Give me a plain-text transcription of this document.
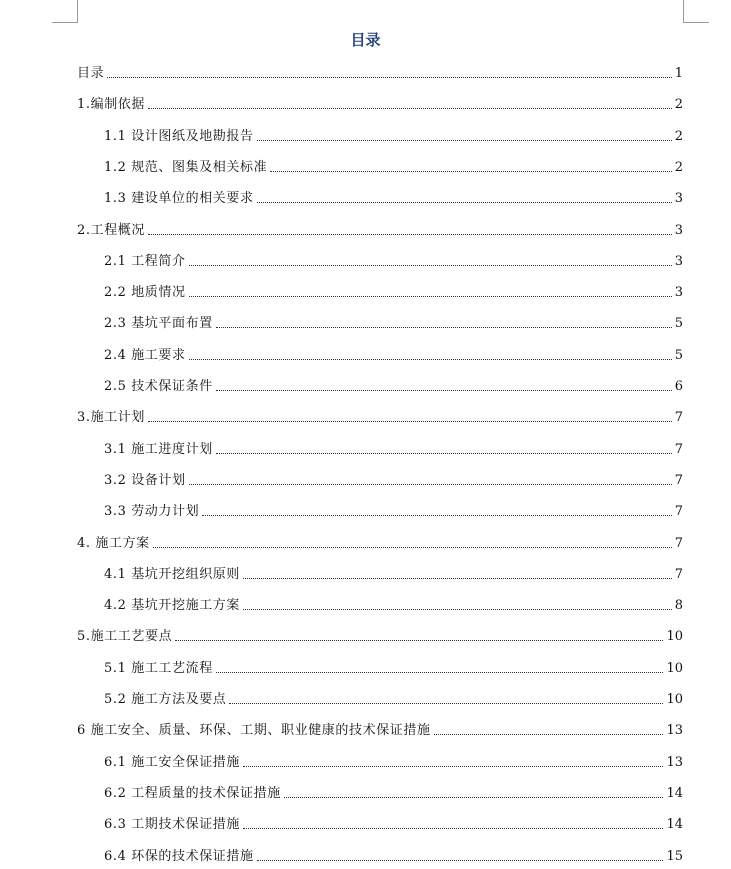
目录
目录	1
1.编制依据	2
1.1 设计图纸及地勘报告	2
1.2 规范、图集及相关标准	2
1.3 建设单位的相关要求	3
2.工程概况	3
2.1 工程简介	3
2.2 地质情况	3
2.3 基坑平面布置	5
2.4 施工要求	5
2.5 技术保证条件	6
3.施工计划	7
3.1 施工进度计划	7
3.2 设备计划	7
3.3 劳动力计划	7
4. 施工方案	7
4.1 基坑开挖组织原则	7
4.2 基坑开挖施工方案	8
5.施工工艺要点	10
5.1 施工工艺流程	10
5.2 施工方法及要点	10
6 施工安全、质量、环保、工期、职业健康的技术保证措施	13
6.1 施工安全保证措施	13
6.2 工程质量的技术保证措施	14
6.3 工期技术保证措施	14
6.4 环保的技术保证措施	15
